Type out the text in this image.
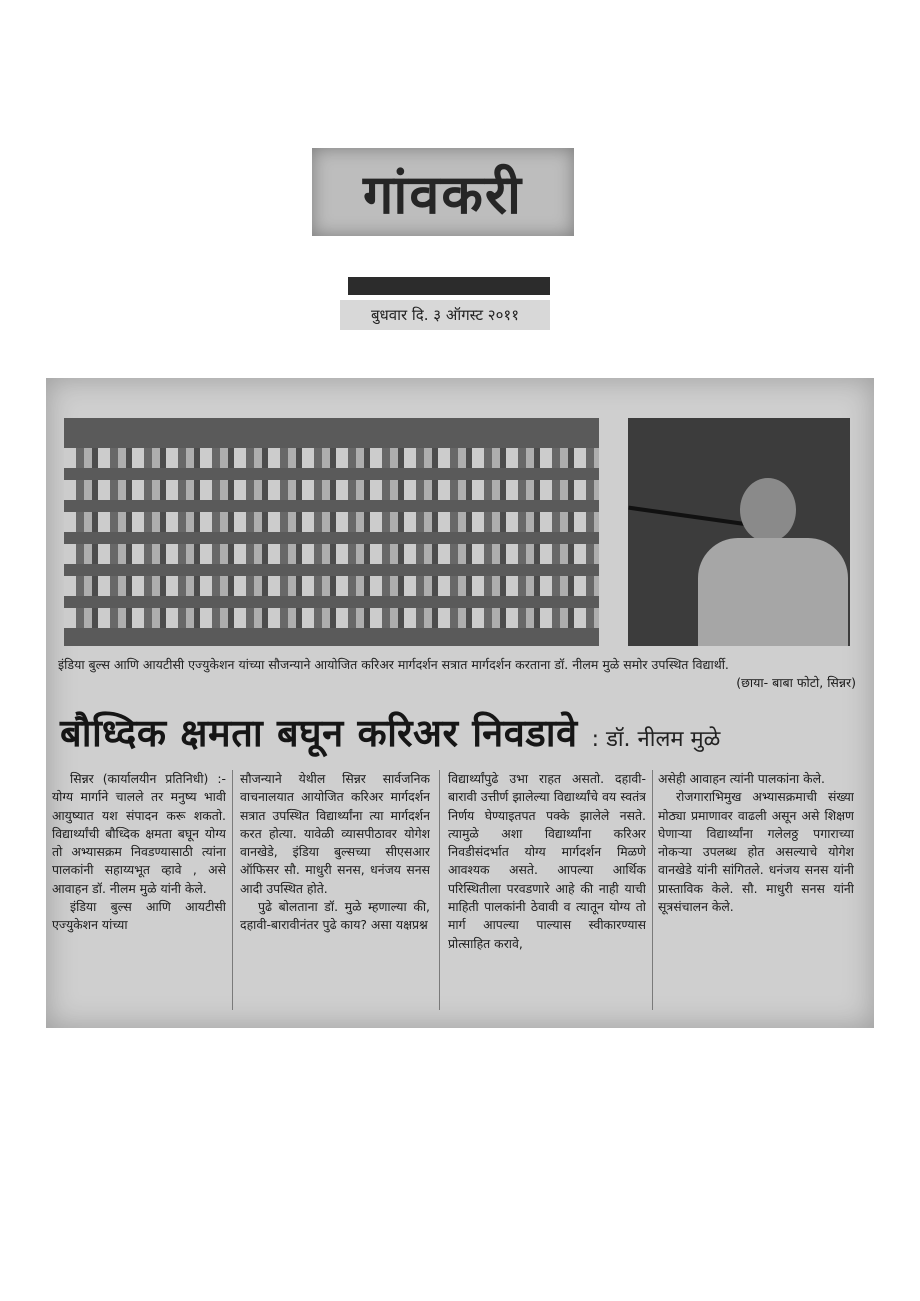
गांवकरी
बुधवार दि. ३ ऑगस्ट २०११
इंडिया बुल्स आणि आयटीसी एज्युकेशन यांच्या सौजन्याने आयोजित करिअर मार्गदर्शन सत्रात मार्गदर्शन करताना डॉ. नीलम मुळे समोर उपस्थित विद्यार्थी.
(छाया- बाबा फोटो, सिन्नर)
बौध्दिक क्षमता बघून करिअर निवडावे : डॉ. नीलम मुळे

सिन्नर (कार्यालयीन प्रतिनिधी) :- योग्य मार्गाने चालले तर मनुष्य भावी आयुष्यात यश संपादन करू शकतो. विद्यार्थ्यांची बौध्दिक क्षमता बघून योग्य तो अभ्यासक्रम निवडण्यासाठी त्यांना पालकांनी सहाय्यभूत व्हावे , असे आवाहन डॉ. नीलम मुळे यांनी केले.

इंडिया बुल्स आणि आयटीसी एज्युकेशन यांच्या

सौजन्याने येथील सिन्नर सार्वजनिक वाचनालयात आयोजित करिअर मार्गदर्शन सत्रात उपस्थित विद्यार्थ्यांना त्या मार्गदर्शन करत होत्या. यावेळी व्यासपीठावर योगेश वानखेडे, इंडिया बुल्सच्या सीएसआर ऑफिसर सौ. माधुरी सनस, धनंजय सनस आदी उपस्थित होते.

पुढे बोलताना डॉ. मुळे म्हणाल्या की, दहावी-बारावीनंतर पुढे काय? असा यक्षप्रश्न

विद्यार्थ्यांपुढे उभा राहत असतो. दहावी-बारावी उत्तीर्ण झालेल्या विद्यार्थ्यांचे वय स्वतंत्र निर्णय घेण्याइतपत पक्के झालेले नसते. त्यामुळे अशा विद्यार्थ्यांना करिअर निवडीसंदर्भात योग्य मार्गदर्शन मिळणे आवश्यक असते. आपल्या आर्थिक परिस्थितीला परवडणारे आहे की नाही याची माहिती पालकांनी ठेवावी व त्यातून योग्य तो मार्ग आपल्या पाल्यास स्वीकारण्यास प्रोत्साहित करावे,

असेही आवाहन त्यांनी पालकांना केले.

रोजगाराभिमुख अभ्यासक्रमाची संख्या मोठ्या प्रमाणावर वाढली असून असे शिक्षण घेणाऱ्या विद्यार्थ्यांना गलेलठ्ठ पगाराच्या नोकऱ्या उपलब्ध होत असल्याचे योगेश वानखेडे यांनी सांगितले. धनंजय सनस यांनी प्रास्ताविक केले. सौ. माधुरी सनस यांनी सूत्रसंचालन केले.
